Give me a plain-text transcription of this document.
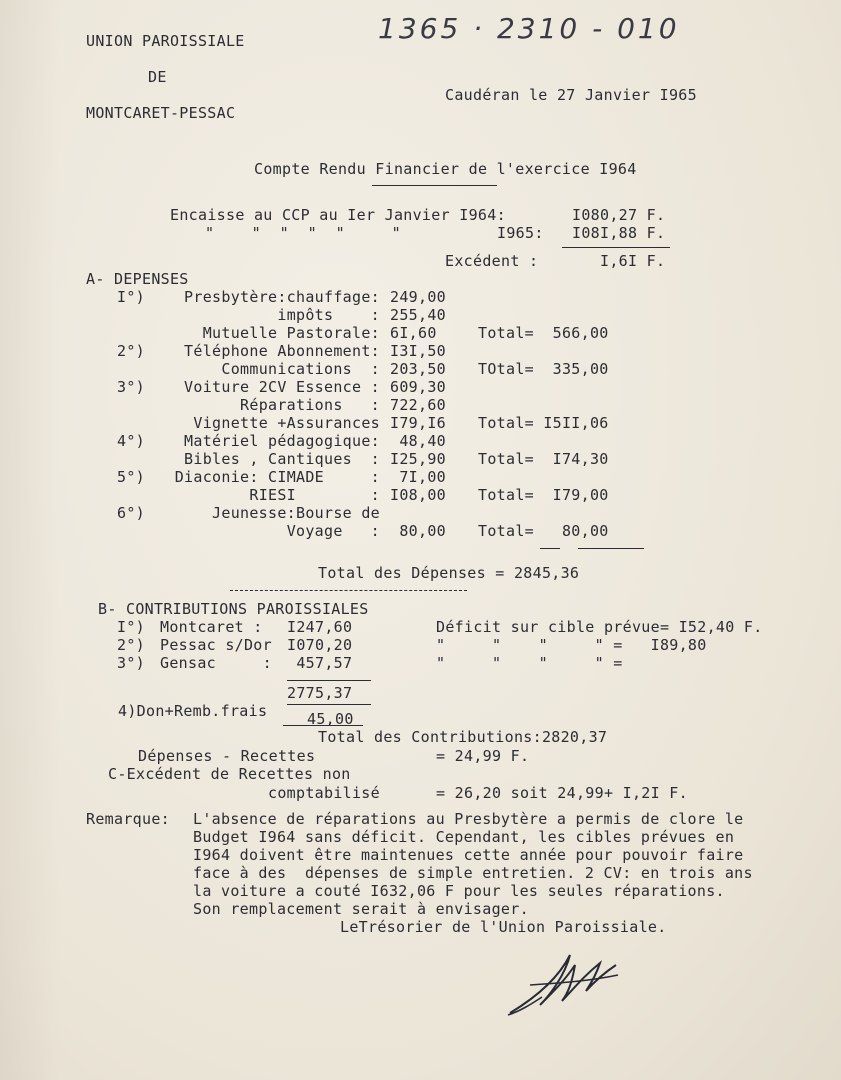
UNION PAROISSIALE
DE
MONTCARET-PESSAC
1365 · 2310 - 010
Caudéran le 27 Janvier I965
Compte Rendu Financier de l'exercice I964
Encaisse au CCP au Ier Janvier I964:	I080,27 F.
"    "  "  "  "     "	I965: I08I,88 F.
Excédent :	I,6I F.
A- DEPENSES
I°)	Presbytère:chauffage: 249,00
impôts    : 255,40
Mutuelle Pastorale: 6I,60	Total=  566,00
2°)	Téléphone Abonnement: I3I,50
Communications  : 203,50 TOtal=  335,00
3°)	Voiture 2CV Essence : 609,30
Réparations   : 722,60
Vignette +Assurances I79,I6 Total= I5II,06
4°)	Matériel pédagogique: 48,40
Bibles , Cantiques  : I25,90 Total=  I74,30
5°) Diaconie: CIMADE     : 7I,00
RIESI        : I08,00 Total=  I79,00
6°)	Jeunesse:Bourse de
Voyage   : 80,00 Total=   80,00
Total des Dépenses = 2845,36
B- CONTRIBUTIONS PAROISSIALES
I°) Montcaret : I247,60	Déficit sur cible prévue= I52,40 F.
2°) Pessac s/Dor I070,20	"     "    "     " =   I89,80
3°) Gensac     : 457,57	"     "    "     " =
2775,37
4)Don+Remb.frais	45,00
Total des Contributions:2820,37
Dépenses - Recettes	= 24,99 F.
C-Excédent de Recettes non
comptabilisé	= 26,20 soit 24,99+ I,2I F.
Remarque: L'absence de réparations au Presbytère a permis de clore le
Budget I964 sans déficit. Cependant, les cibles prévues en
I964 doivent être maintenues cette année pour pouvoir faire
face à des  dépenses de simple entretien. 2 CV: en trois ans
la voiture a couté I632,06 F pour les seules réparations.
Son remplacement serait à envisager.
LeTrésorier de l'Union Paroissiale.
